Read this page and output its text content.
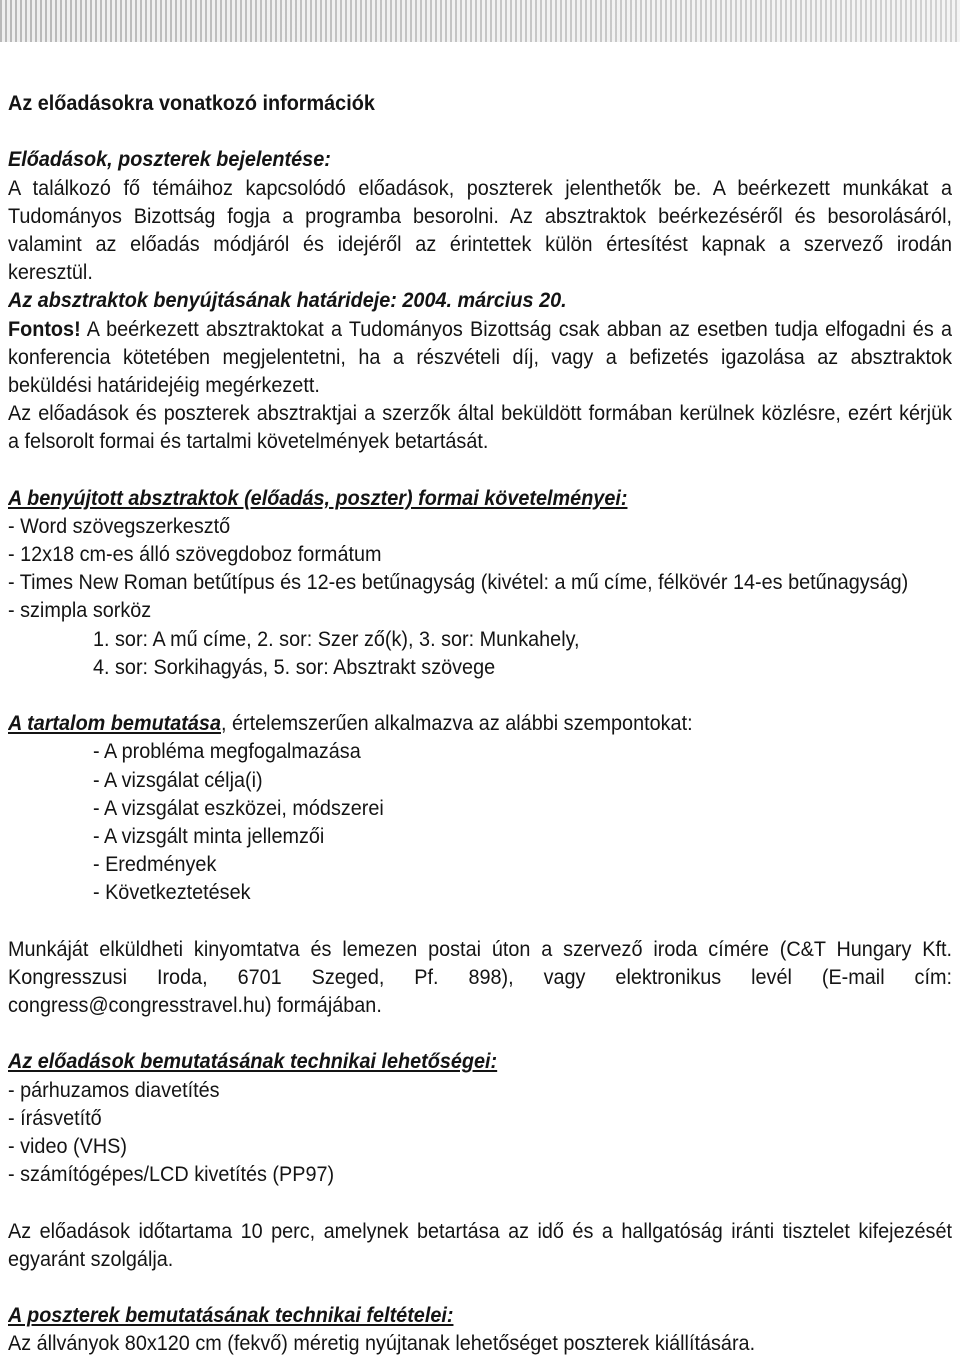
Az előadásokra vonatkozó információk
Előadások, poszterek bejelentése:
A találkozó fő témáihoz kapcsolódó előadások, poszterek jelenthetők be. A beérkezett munkákat a
Tudományos Bizottság fogja a programba besorolni. Az absztraktok beérkezéséről és besorolásáról,
valamint az előadás módjáról és idejéről az érintettek külön értesítést kapnak a szervező irodán
keresztül.
Az absztraktok benyújtásának határideje: 2004. március 20.
Fontos! A beérkezett absztraktokat a Tudományos Bizottság csak abban az esetben tudja elfogadni és a
konferencia kötetében megjelentetni, ha a részvételi díj, vagy a befizetés igazolása az absztraktok
beküldési határidejéig megérkezett.
Az előadások és poszterek absztraktjai a szerzők által beküldött formában kerülnek közlésre, ezért kérjük
a felsorolt formai és tartalmi követelmények betartását.
A benyújtott absztraktok (előadás, poszter) formai követelményei:
- Word szövegszerkesztő
- 12x18 cm-es álló szövegdoboz formátum
- Times New Roman betűtípus és 12-es betűnagyság (kivétel: a mű címe, félkövér 14-es betűnagyság)
- szimpla sorköz
1. sor: A mű címe, 2. sor: Szer ző(k), 3. sor: Munkahely,
4. sor: Sorkihagyás, 5. sor: Absztrakt szövege
A tartalom bemutatása, értelemszerűen alkalmazva az alábbi szempontokat:
- A probléma megfogalmazása
- A vizsgálat célja(i)
- A vizsgálat eszközei, módszerei
- A vizsgált minta jellemzői
- Eredmények
- Következtetések
Munkáját elküldheti kinyomtatva és lemezen postai úton a szervező iroda címére (C&T Hungary Kft.
Kongresszusi Iroda, 6701 Szeged, Pf. 898), vagy elektronikus levél (E-mail cím:
congress@congresstravel.hu) formájában.
Az előadások bemutatásának technikai lehetőségei:
- párhuzamos diavetítés
- írásvetítő
- video (VHS)
- számítógépes/LCD kivetítés (PP97)
Az előadások időtartama 10 perc, amelynek betartása az idő és a hallgatóság iránti tisztelet kifejezését
egyaránt szolgálja.
A poszterek bemutatásának technikai feltételei:
Az állványok 80x120 cm (fekvő) méretig nyújtanak lehetőséget poszterek kiállítására.
